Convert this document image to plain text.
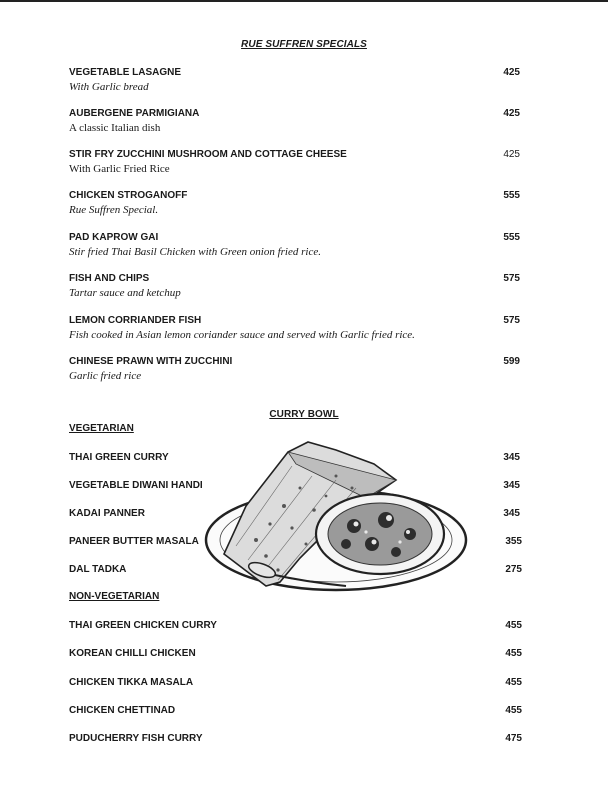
RUE SUFFREN SPECIALS
VEGETABLE LASAGNE
With Garlic bread
425
AUBERGENE PARMIGIANA
A classic Italian dish
425
STIR FRY ZUCCHINI MUSHROOM AND COTTAGE CHEESE
With Garlic Fried Rice
425
CHICKEN STROGANOFF
Rue Suffren Special.
555
PAD KAPROW GAI
Stir fried Thai Basil Chicken with Green onion fried rice.
555
FISH AND CHIPS
Tartar sauce and ketchup
575
LEMON CORRIANDER FISH
Fish cooked in Asian lemon coriander sauce and served with Garlic fried rice.
575
CHINESE PRAWN WITH ZUCCHINI
Garlic fried rice
599
CURRY BOWL
VEGETARIAN
THAI GREEN CURRY	345
VEGETABLE DIWANI HANDI	345
KADAI PANNER	345
PANEER BUTTER MASALA	355
DAL TADKA	275
NON-VEGETARIAN
THAI GREEN CHICKEN CURRY	455
KOREAN CHILLI CHICKEN	455
CHICKEN TIKKA MASALA	455
CHICKEN CHETTINAD	455
PUDUCHERRY FISH CURRY	475
